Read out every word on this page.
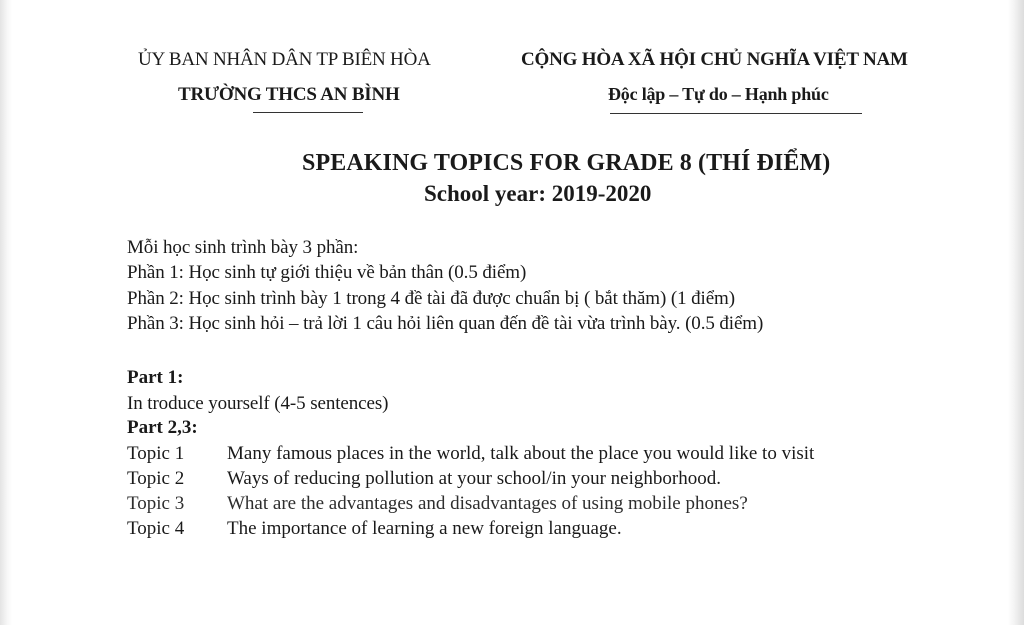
ỦY BAN NHÂN DÂN TP BIÊN HÒA
TRƯỜNG THCS AN BÌNH
CỘNG HÒA XÃ HỘI CHỦ NGHĨA VIỆT NAM
Độc lập – Tự do – Hạnh phúc
SPEAKING TOPICS FOR GRADE 8 (THÍ ĐIỂM)
School year: 2019-2020
Mỗi học sinh trình bày 3 phần:
Phần 1: Học sinh tự giới thiệu về bản thân (0.5 điểm)
Phần 2: Học sinh trình bày 1 trong 4 đề tài đã được chuẩn bị ( bắt thăm) (1 điểm)
Phần 3: Học sinh hỏi – trả lời 1 câu hỏi liên quan đến đề tài vừa trình bày. (0.5 điểm)
Part 1:
In troduce yourself (4-5 sentences)
Part 2,3:
Topic 1 Many famous places in the world, talk about the place you would like to visit
Topic 2 Ways of reducing pollution at your school/in your neighborhood.
Topic 3 What are the advantages and disadvantages of using mobile phones?
Topic 4 The importance of learning a new foreign language.
